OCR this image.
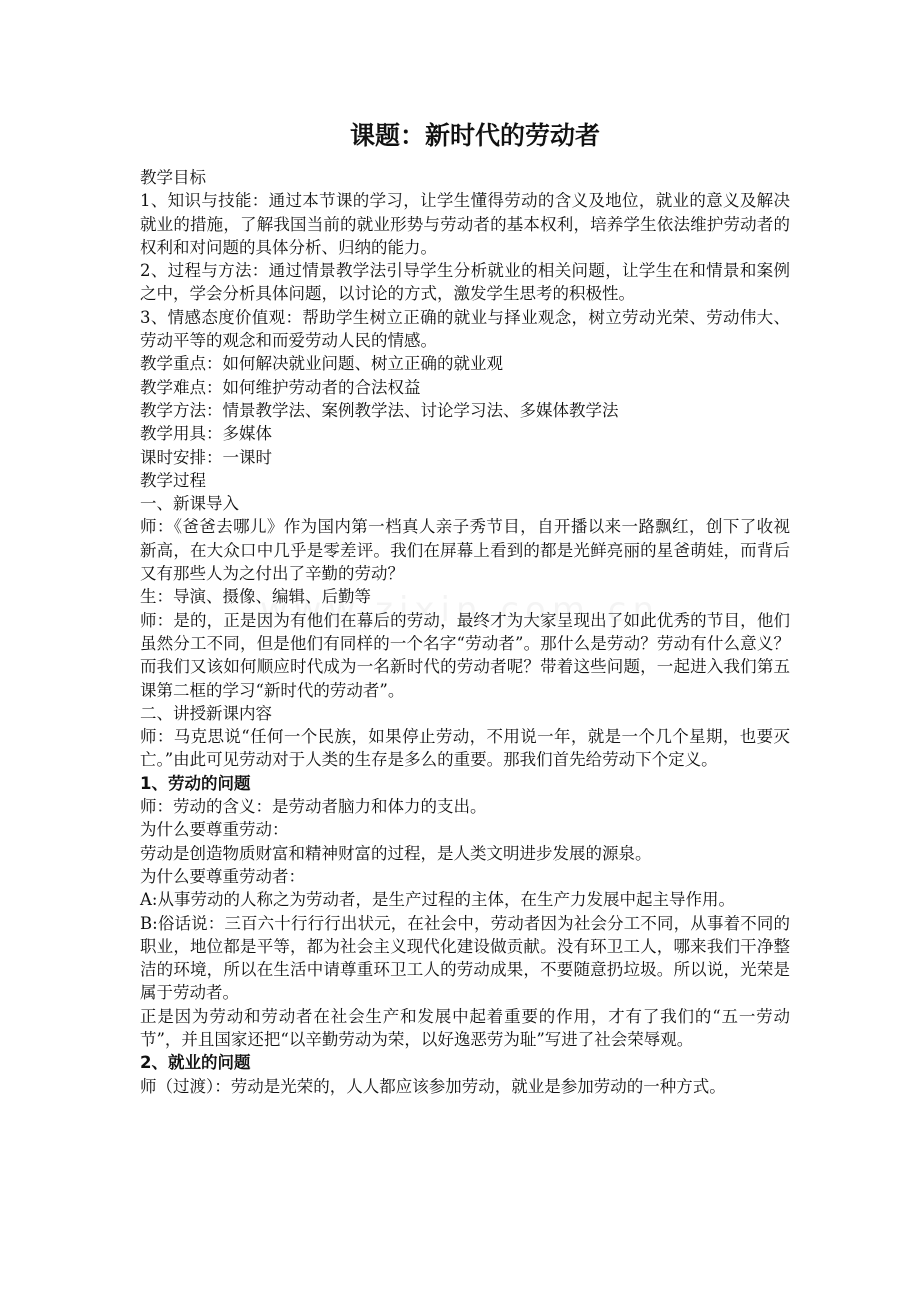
课题：新时代的劳动者

教学目标

1、知识与技能：通过本节课的学习，让学生懂得劳动的含义及地位，就业的意义及解决就业的措施，了解我国当前的就业形势与劳动者的基本权利，培养学生依法维护劳动者的权利和对问题的具体分析、归纳的能力。

2、过程与方法：通过情景教学法引导学生分析就业的相关问题，让学生在和情景和案例之中，学会分析具体问题，以讨论的方式，激发学生思考的积极性。

3、情感态度价值观：帮助学生树立正确的就业与择业观念，树立劳动光荣、劳动伟大、劳动平等的观念和而爱劳动人民的情感。

教学重点：如何解决就业问题、树立正确的就业观

教学难点：如何维护劳动者的合法权益

教学方法：情景教学法、案例教学法、讨论学习法、多媒体教学法

教学用具：多媒体

课时安排：一课时

教学过程

一、新课导入

师：《爸爸去哪儿》作为国内第一档真人亲子秀节目，自开播以来一路飘红，创下了收视新高，在大众口中几乎是零差评。我们在屏幕上看到的都是光鲜亮丽的星爸萌娃，而背后又有那些人为之付出了辛勤的劳动？

生：导演、摄像、编辑、后勤等

师：是的，正是因为有他们在幕后的劳动，最终才为大家呈现出了如此优秀的节目，他们虽然分工不同，但是他们有同样的一个名字“劳动者”。那什么是劳动？劳动有什么意义？而我们又该如何顺应时代成为一名新时代的劳动者呢？带着这些问题，一起进入我们第五课第二框的学习“新时代的劳动者”。

二、讲授新课内容

师：马克思说“任何一个民族，如果停止劳动，不用说一年，就是一个几个星期，也要灭亡。”由此可见劳动对于人类的生存是多么的重要。那我们首先给劳动下个定义。

1、劳动的问题

师：劳动的含义：是劳动者脑力和体力的支出。

为什么要尊重劳动：

劳动是创造物质财富和精神财富的过程，是人类文明进步发展的源泉。

为什么要尊重劳动者：

A:从事劳动的人称之为劳动者，是生产过程的主体，在生产力发展中起主导作用。

B:俗话说：三百六十行行行出状元，在社会中，劳动者因为社会分工不同，从事着不同的职业，地位都是平等，都为社会主义现代化建设做贡献。没有环卫工人，哪来我们干净整洁的环境，所以在生活中请尊重环卫工人的劳动成果，不要随意扔垃圾。所以说，光荣是属于劳动者。

正是因为劳动和劳动者在社会生产和发展中起着重要的作用，才有了我们的“五一劳动节”，并且国家还把“以辛勤劳动为荣，以好逸恶劳为耻”写进了社会荣辱观。

2、就业的问题

师（过渡）：劳动是光荣的，人人都应该参加劳动，就业是参加劳动的一种方式。
